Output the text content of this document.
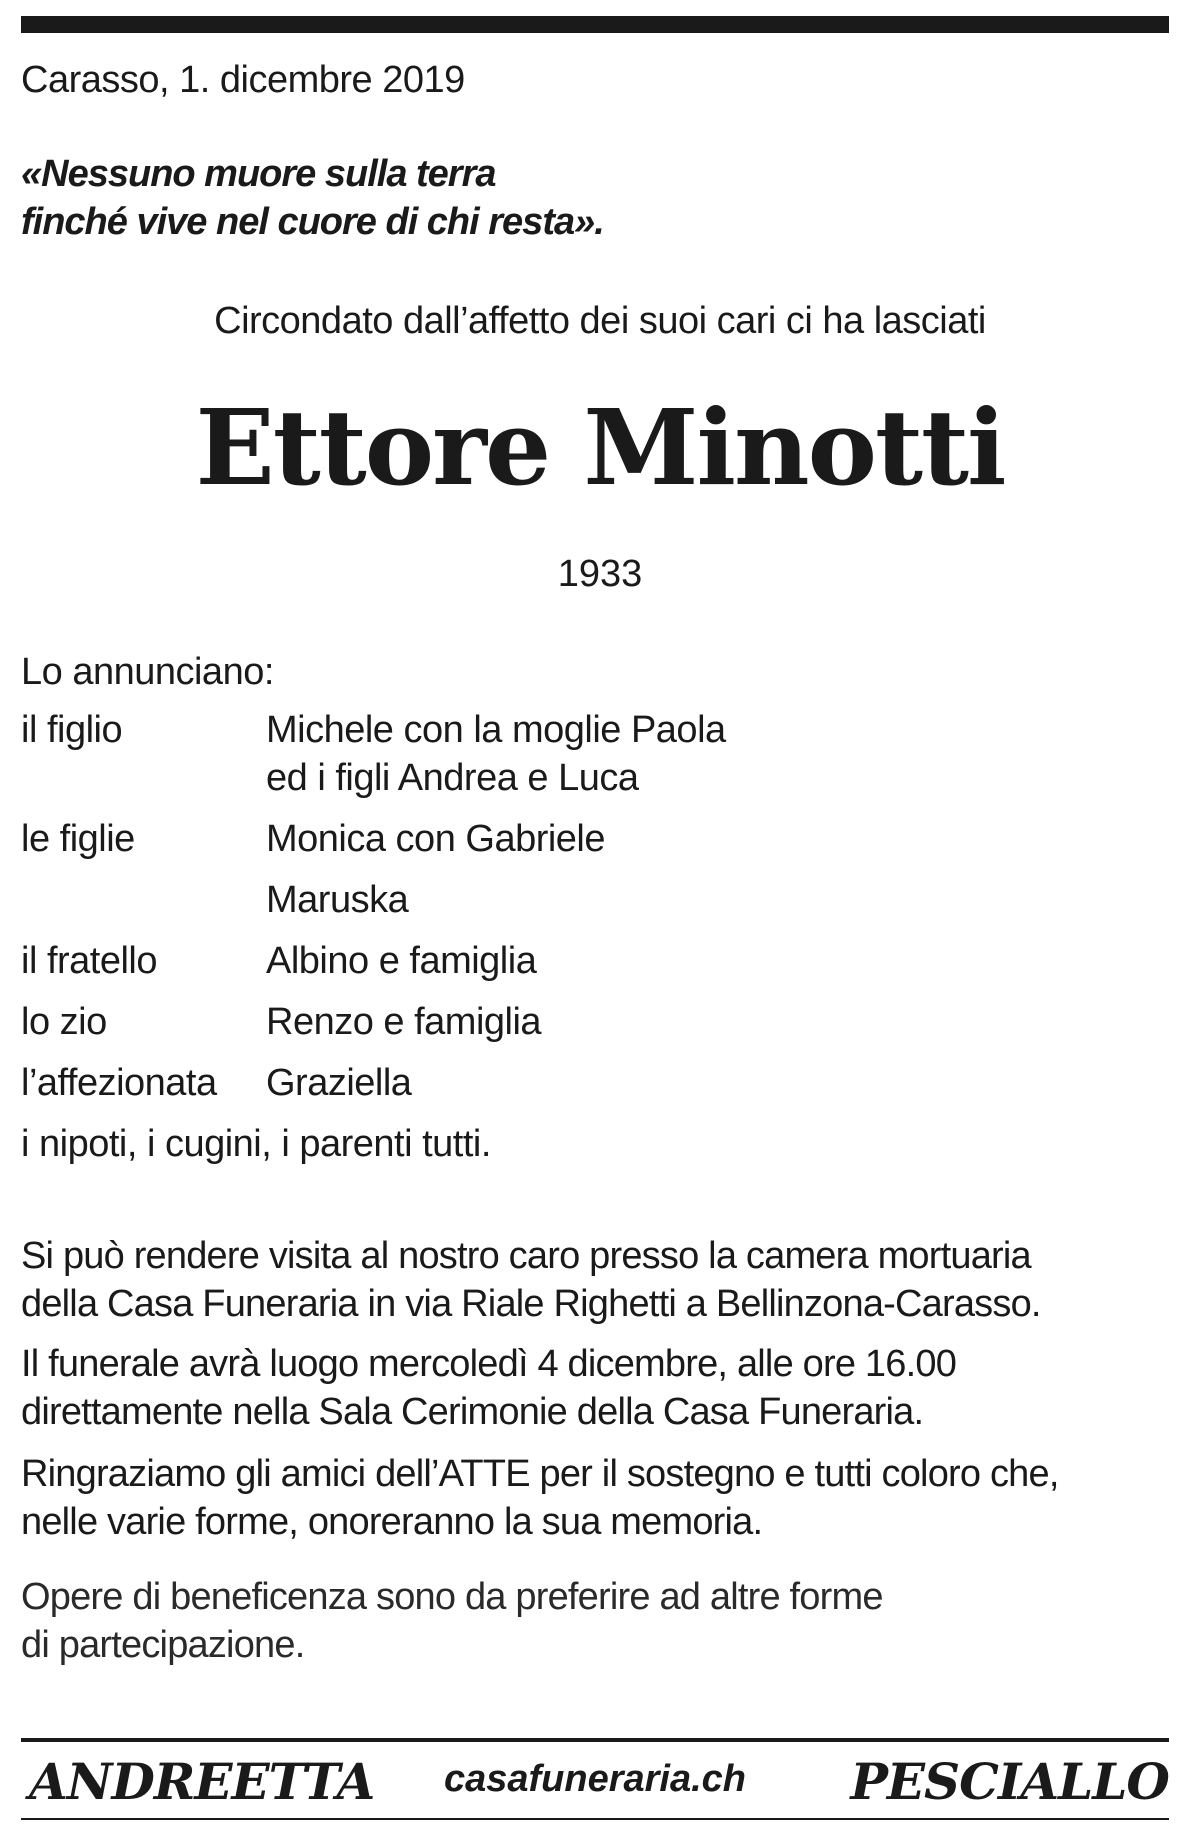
Carasso, 1. dicembre 2019
«Nessuno muore sulla terra
finché vive nel cuore di chi resta».
Circondato dall’affetto dei suoi cari ci ha lasciati
Ettore Minotti
1933
Lo annunciano:
il figlio	Michele con la moglie Paola
ed i figli Andrea e Luca
le figlie	Monica con Gabriele
Maruska
il fratello	Albino e famiglia
lo zio	Renzo e famiglia
l’affezionata Graziella
i nipoti, i cugini, i parenti tutti.
Si può rendere visita al nostro caro presso la camera mortuaria
della Casa Funeraria in via Riale Righetti a Bellinzona-Carasso.
Il funerale avrà luogo mercoledì 4 dicembre, alle ore 16.00
direttamente nella Sala Cerimonie della Casa Funeraria.
Ringraziamo gli amici dell’ATTE per il sostegno e tutti coloro che,
nelle varie forme, onoreranno la sua memoria.
Opere di beneficenza sono da preferire ad altre forme
di partecipazione.
ANDREETTA	casafuneraria.ch	PESCIALLO
